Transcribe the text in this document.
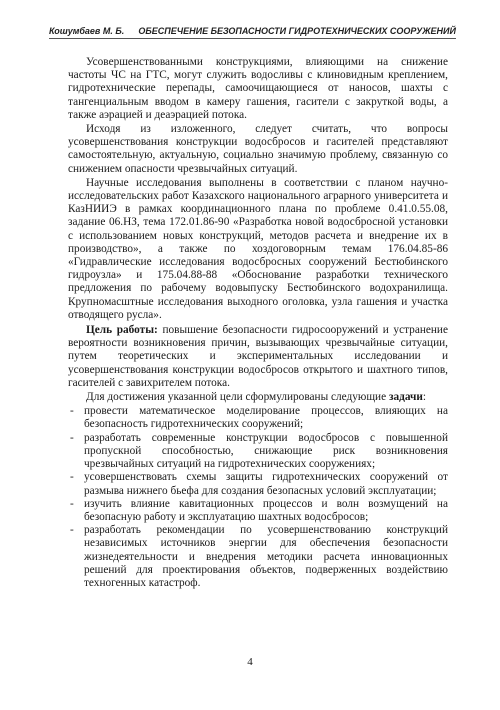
Кошумбаев М. Б. ОБЕСПЕЧЕНИЕ БЕЗОПАСНОСТИ ГИДРОТЕХНИЧЕСКИХ СООРУЖЕНИЙ

Усовершенствованными конструкциями, влияющими на снижение частоты ЧС на ГТС, могут служить водосливы с клиновидным креплением, гидротехнические перепады, самоочищающиеся от наносов, шахты с тангенциальным вводом в камеру гашения, гасители с закруткой воды, а также аэрацией и деаэрацией потока.

Исходя из изложенного, следует считать, что вопросы усовершенствования конструкции водосбросов и гасителей представляют самостоятельную, актуальную, социально значимую проблему, связанную со снижением опасности чрезвычайных ситуаций.

Научные исследования выполнены в соответствии с планом научно-исследовательских работ Казахского национального аграрного университета и КазНИИЭ в рамках координационного плана по проблеме 0.41.0.55.08, задание 06.НЗ, тема 172.01.86-90 «Разработка новой водосбросной установки с использованием новых конструкций, методов расчета и внедрение их в производство», а также по хоздоговорным темам 176.04.85-86 «Гидравлические исследования водосбросных сооружений Бестюбинского гидроузла» и 175.04.88-88 «Обоснование разработки технического предложения по рабочему водовыпуску Бестюбинского водохранилища. Крупномасштные исследования выходного оголовка, узла гашения и участка отводящего русла».

Цель работы: повышение безопасности гидросооружений и устранение вероятности возникновения причин, вызывающих чрезвычайные ситуации, путем теоретических и экспериментальных исследовании и усовершенствования конструкции водосбросов открытого и шахтного типов, гасителей с завихрителем потока.

Для достижения указанной цели сформулированы следующие задачи:

- провести математическое моделирование процессов, влияющих на безопасность гидротехнических сооружений;
- разработать современные конструкции водосбросов с повышенной пропускной способностью, снижающие риск возникновения чрезвычайных ситуаций на гидротехнических сооружениях;
- усовершенствовать схемы защиты гидротехнических сооружений от размыва нижнего бьефа для создания безопасных условий эксплуатации;
- изучить влияние кавитационных процессов и волн возмущений на безопасную работу и эксплуатацию шахтных водосбросов;
- разработать рекомендации по усовершенствованию конструкций независимых источников энергии для обеспечения безопасности жизнедеятельности и внедрения методики расчета инновационных решений для проектирования объектов, подверженных воздействию техногенных катастроф.
4
